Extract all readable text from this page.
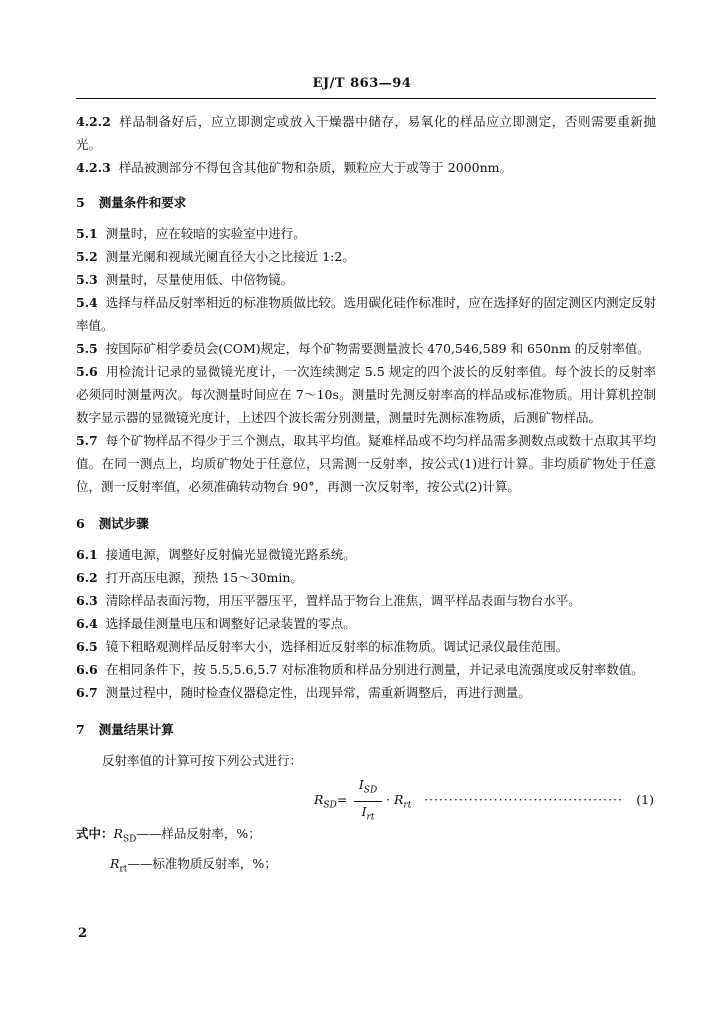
EJ/T 863—94

4.2.2 样品制备好后，应立即测定或放入干燥器中储存，易氧化的样品应立即测定，否则需要重新抛光。

4.2.3 样品被测部分不得包含其他矿物和杂质，颗粒应大于或等于 2000nm。

5 测量条件和要求

5.1 测量时，应在较暗的实验室中进行。

5.2 测量光阑和视域光阑直径大小之比接近 1:2。

5.3 测量时，尽量使用低、中倍物镜。

5.4 选择与样品反射率相近的标准物质做比较。选用碳化硅作标准时，应在选择好的固定测区内测定反射率值。

5.5 按国际矿相学委员会(COM)规定，每个矿物需要测量波长 470,546,589 和 650nm 的反射率值。

5.6 用检流计记录的显微镜光度计，一次连续测定 5.5 规定的四个波长的反射率值。每个波长的反射率必须同时测量两次。每次测量时间应在 7～10s。测量时先测反射率高的样品或标准物质。用计算机控制数字显示器的显微镜光度计，上述四个波长需分别测量，测量时先测标准物质，后测矿物样品。

5.7 每个矿物样品不得少于三个测点，取其平均值。疑难样品或不均匀样品需多测数点或数十点取其平均值。在同一测点上，均质矿物处于任意位，只需测一反射率，按公式(1)进行计算。非均质矿物处于任意位，测一反射率值，必须准确转动物台 90°，再测一次反射率，按公式(2)计算。

6 测试步骤

6.1 接通电源，调整好反射偏光显微镜光路系统。

6.2 打开高压电源，预热 15～30min。

6.3 清除样品表面污物，用压平器压平，置样品于物台上准焦，调平样品表面与物台水平。

6.4 选择最佳测量电压和调整好记录装置的零点。

6.5 镜下粗略观测样品反射率大小，选择相近反射率的标准物质。调试记录仪最佳范围。

6.6 在相同条件下，按 5.5,5.6,5.7 对标准物质和样品分别进行测量，并记录电流强度或反射率数值。

6.7 测量过程中，随时检查仪器稳定性，出现异常，需重新调整后，再进行测量。

7 测量结果计算

反射率值的计算可按下列公式进行：

$R_{SD}=$
$I_{SD}$
$I_{rt}$
· $R_{rt}$ ········································	(1)

式中：$R_{SD}——$样品反射率，%；

$R_{rt}——$标准物质反射率，%；

2
